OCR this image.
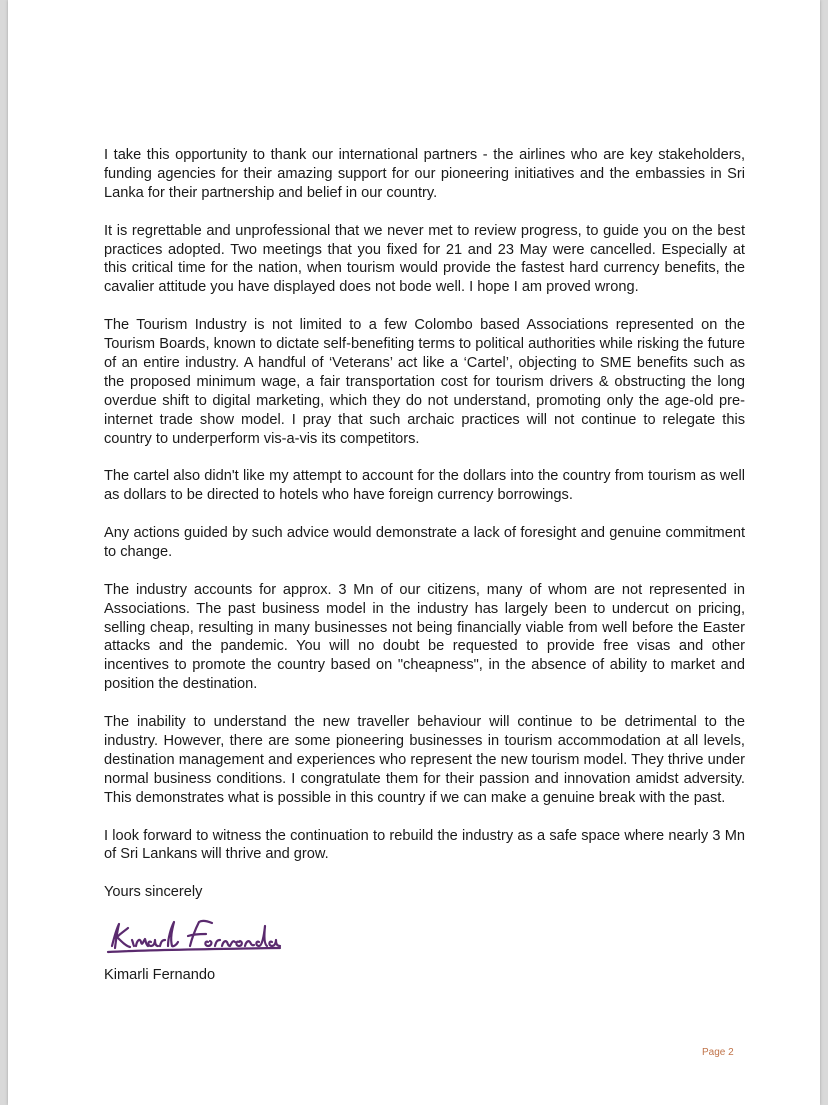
I take this opportunity to thank our international partners - the airlines who are key stakeholders, funding agencies for their amazing support for our pioneering initiatives and the embassies in Sri Lanka for their partnership and belief in our country.

It is regrettable and unprofessional that we never met to review progress, to guide you on the best practices adopted. Two meetings that you fixed for 21 and 23 May were cancelled. Especially at this critical time for the nation, when tourism would provide the fastest hard currency benefits, the cavalier attitude you have displayed does not bode well. I hope I am proved wrong.

The Tourism Industry is not limited to a few Colombo based Associations represented on the Tourism Boards, known to dictate self-benefiting terms to political authorities while risking the future of an entire industry. A handful of ‘Veterans’ act like a ‘Cartel’, objecting to SME benefits such as the proposed minimum wage, a fair transportation cost for tourism drivers & obstructing the long overdue shift to digital marketing, which they do not understand, promoting only the age-old pre-internet trade show model. I pray that such archaic practices will not continue to relegate this country to underperform vis-a-vis its competitors.

The cartel also didn't like my attempt to account for the dollars into the country from tourism as well as dollars to be directed to hotels who have foreign currency borrowings.

Any actions guided by such advice would demonstrate a lack of foresight and genuine commitment to change.

The industry accounts for approx. 3 Mn of our citizens, many of whom are not represented in Associations. The past business model in the industry has largely been to undercut on pricing, selling cheap, resulting in many businesses not being financially viable from well before the Easter attacks and the pandemic. You will no doubt be requested to provide free visas and other incentives to promote the country based on "cheapness", in the absence of ability to market and position the destination.

The inability to understand the new traveller behaviour will continue to be detrimental to the industry. However, there are some pioneering businesses in tourism accommodation at all levels, destination management and experiences who represent the new tourism model. They thrive under normal business conditions. I congratulate them for their passion and innovation amidst adversity. This demonstrates what is possible in this country if we can make a genuine break with the past.

I look forward to witness the continuation to rebuild the industry as a safe space where nearly 3 Mn of Sri Lankans will thrive and grow.

Yours sincerely

Kimarli Fernando

Page 2
